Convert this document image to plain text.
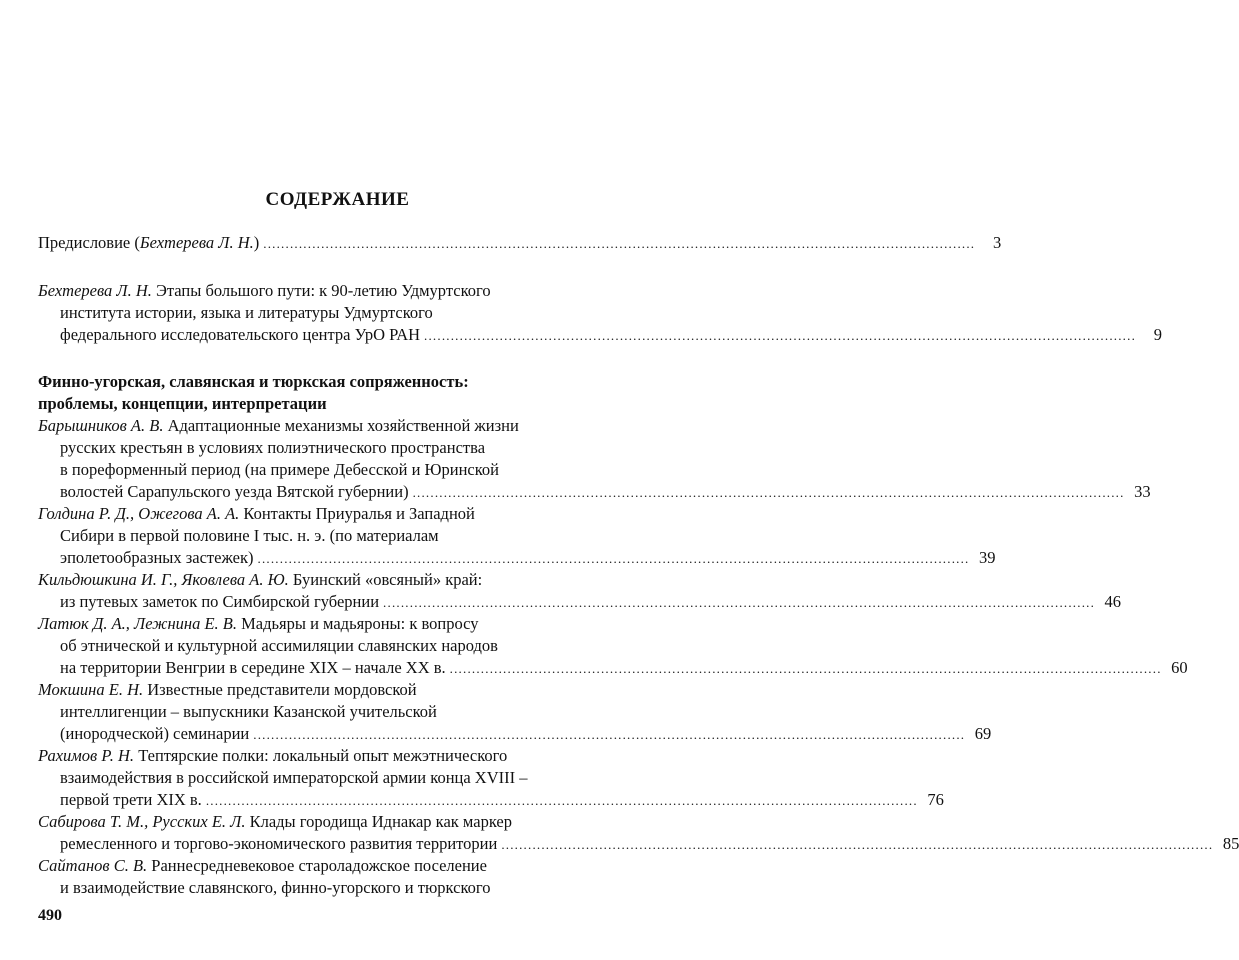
СОДЕРЖАНИЕ
Предисловие (Бехтерева Л. Н.) ................................................................................................................................................................	3
Бехтерева Л. Н. Этапы большого пути: к 90-летию Удмуртского
института истории, языка и литературы Удмуртского
федерального исследовательского центра УрО РАН ................................................................................................................................................................	9
Финно-угорская, славянская и тюркская сопряженность:
проблемы, концепции, интерпретации
Барышников А. В. Адаптационные механизмы хозяйственной жизни
русских крестьян в условиях полиэтнического пространства
в пореформенный период (на примере Дебесской и Юринской
волостей Сарапульского уезда Вятской губернии) ................................................................................................................................................................ 33
Голдина Р. Д., Ожегова А. А. Контакты Приуралья и Западной
Сибири в первой половине I тыс. н. э. (по материалам
эполетообразных застежек) ................................................................................................................................................................ 39
Кильдюшкина И. Г., Яковлева А. Ю. Буинский «овсяный» край:
из путевых заметок по Симбирской губернии ................................................................................................................................................................ 46
Латюк Д. А., Лежнина Е. В. Мадьяры и мадьяроны: к вопросу
об этнической и культурной ассимиляции славянских народов
на территории Венгрии в середине XIX – начале XX в. ................................................................................................................................................................ 60
Мокшина Е. Н. Известные представители мордовской
интеллигенции – выпускники Казанской учительской
(инородческой) семинарии ................................................................................................................................................................ 69
Рахимов Р. Н. Тептярские полки: локальный опыт межэтнического
взаимодействия в российской императорской армии конца XVIII –
первой трети XIX в. ................................................................................................................................................................ 76
Сабирова Т. М., Русских Е. Л. Клады городища Иднакар как маркер
ремесленного и торгово-экономического развития территории ................................................................................................................................................................ 85
Сайтанов С. В. Раннесредневековое староладожское поселение
и взаимодействие славянского, финно-угорского и тюркского
490
